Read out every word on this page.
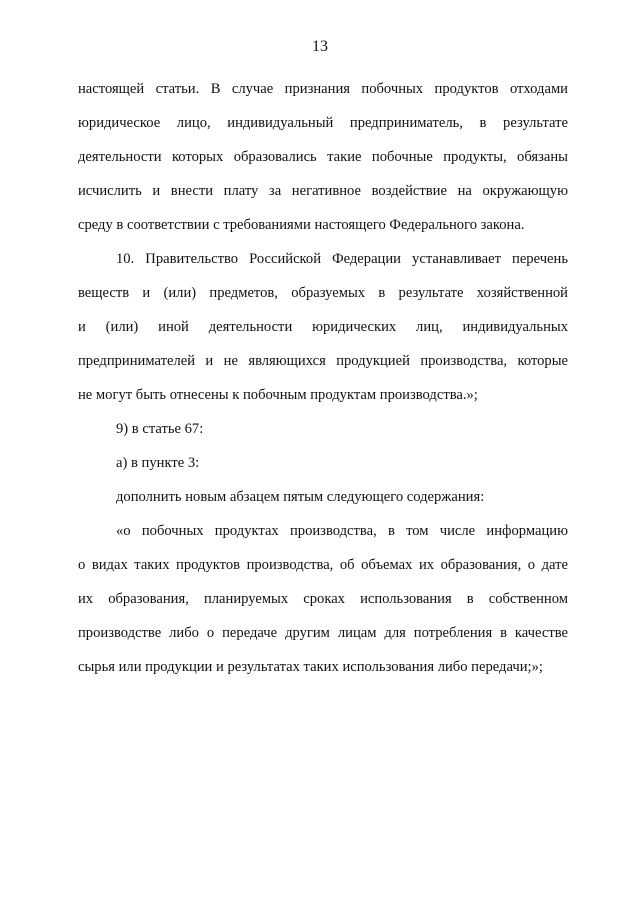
13
настоящей статьи. В случае признания побочных продуктов отходами
юридическое лицо, индивидуальный предприниматель, в результате
деятельности которых образовались такие побочные продукты, обязаны
исчислить и внести плату за негативное воздействие на окружающую
среду в соответствии с требованиями настоящего Федерального закона.
10. Правительство Российской Федерации устанавливает перечень
веществ и (или) предметов, образуемых в результате хозяйственной
и (или) иной деятельности юридических лиц, индивидуальных
предпринимателей и не являющихся продукцией производства, которые
не могут быть отнесены к побочным продуктам производства.»;
9) в статье 67:
а) в пункте 3:
дополнить новым абзацем пятым следующего содержания:
«о побочных продуктах производства, в том числе информацию
о видах таких продуктов производства, об объемах их образования, о дате
их образования, планируемых сроках использования в собственном
производстве либо о передаче другим лицам для потребления в качестве
сырья или продукции и результатах таких использования либо передачи;»;
